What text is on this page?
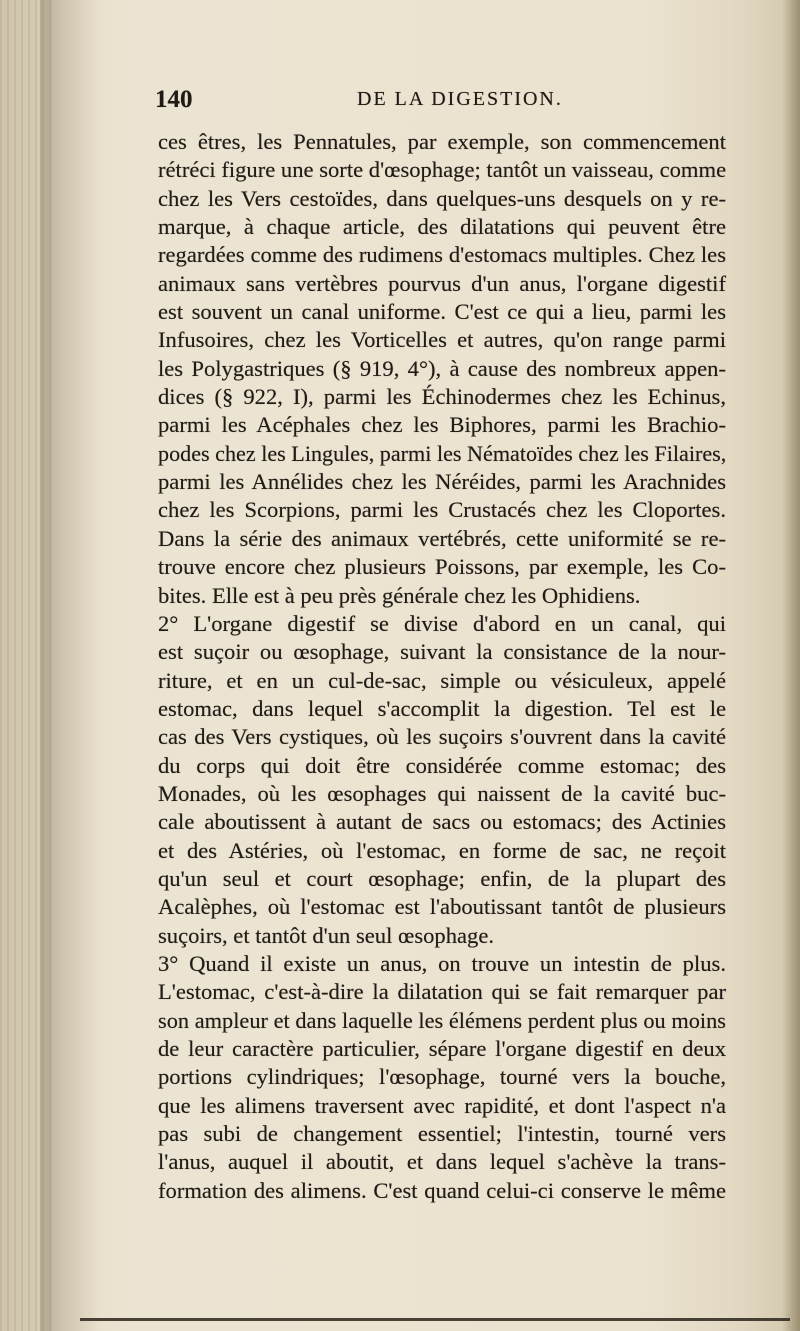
140	DE LA DIGESTION.
ces êtres, les Pennatules, par exemple, son commencement
rétréci figure une sorte d'œsophage; tantôt un vaisseau, comme
chez les Vers cestoïdes, dans quelques-uns desquels on y re-
marque, à chaque article, des dilatations qui peuvent être
regardées comme des rudimens d'estomacs multiples. Chez les
animaux sans vertèbres pourvus d'un anus, l'organe digestif
est souvent un canal uniforme. C'est ce qui a lieu, parmi les
Infusoires, chez les Vorticelles et autres, qu'on range parmi
les Polygastriques (§ 919, 4°), à cause des nombreux appen-
dices (§ 922, I), parmi les Échinodermes chez les Echinus,
parmi les Acéphales chez les Biphores, parmi les Brachio-
podes chez les Lingules, parmi les Nématoïdes chez les Filaires,
parmi les Annélides chez les Néréides, parmi les Arachnides
chez les Scorpions, parmi les Crustacés chez les Cloportes.
Dans la série des animaux vertébrés, cette uniformité se re-
trouve encore chez plusieurs Poissons, par exemple, les Co-
bites. Elle est à peu près générale chez les Ophidiens.
2° L'organe digestif se divise d'abord en un canal, qui
est suçoir ou œsophage, suivant la consistance de la nour-
riture, et en un cul-de-sac, simple ou vésiculeux, appelé
estomac, dans lequel s'accomplit la digestion. Tel est le
cas des Vers cystiques, où les suçoirs s'ouvrent dans la cavité
du corps qui doit être considérée comme estomac; des
Monades, où les œsophages qui naissent de la cavité buc-
cale aboutissent à autant de sacs ou estomacs; des Actinies
et des Astéries, où l'estomac, en forme de sac, ne reçoit
qu'un seul et court œsophage; enfin, de la plupart des
Acalèphes, où l'estomac est l'aboutissant tantôt de plusieurs
suçoirs, et tantôt d'un seul œsophage.
3° Quand il existe un anus, on trouve un intestin de plus.
L'estomac, c'est-à-dire la dilatation qui se fait remarquer par
son ampleur et dans laquelle les élémens perdent plus ou moins
de leur caractère particulier, sépare l'organe digestif en deux
portions cylindriques; l'œsophage, tourné vers la bouche,
que les alimens traversent avec rapidité, et dont l'aspect n'a
pas subi de changement essentiel; l'intestin, tourné vers
l'anus, auquel il aboutit, et dans lequel s'achève la trans-
formation des alimens. C'est quand celui-ci conserve le même
